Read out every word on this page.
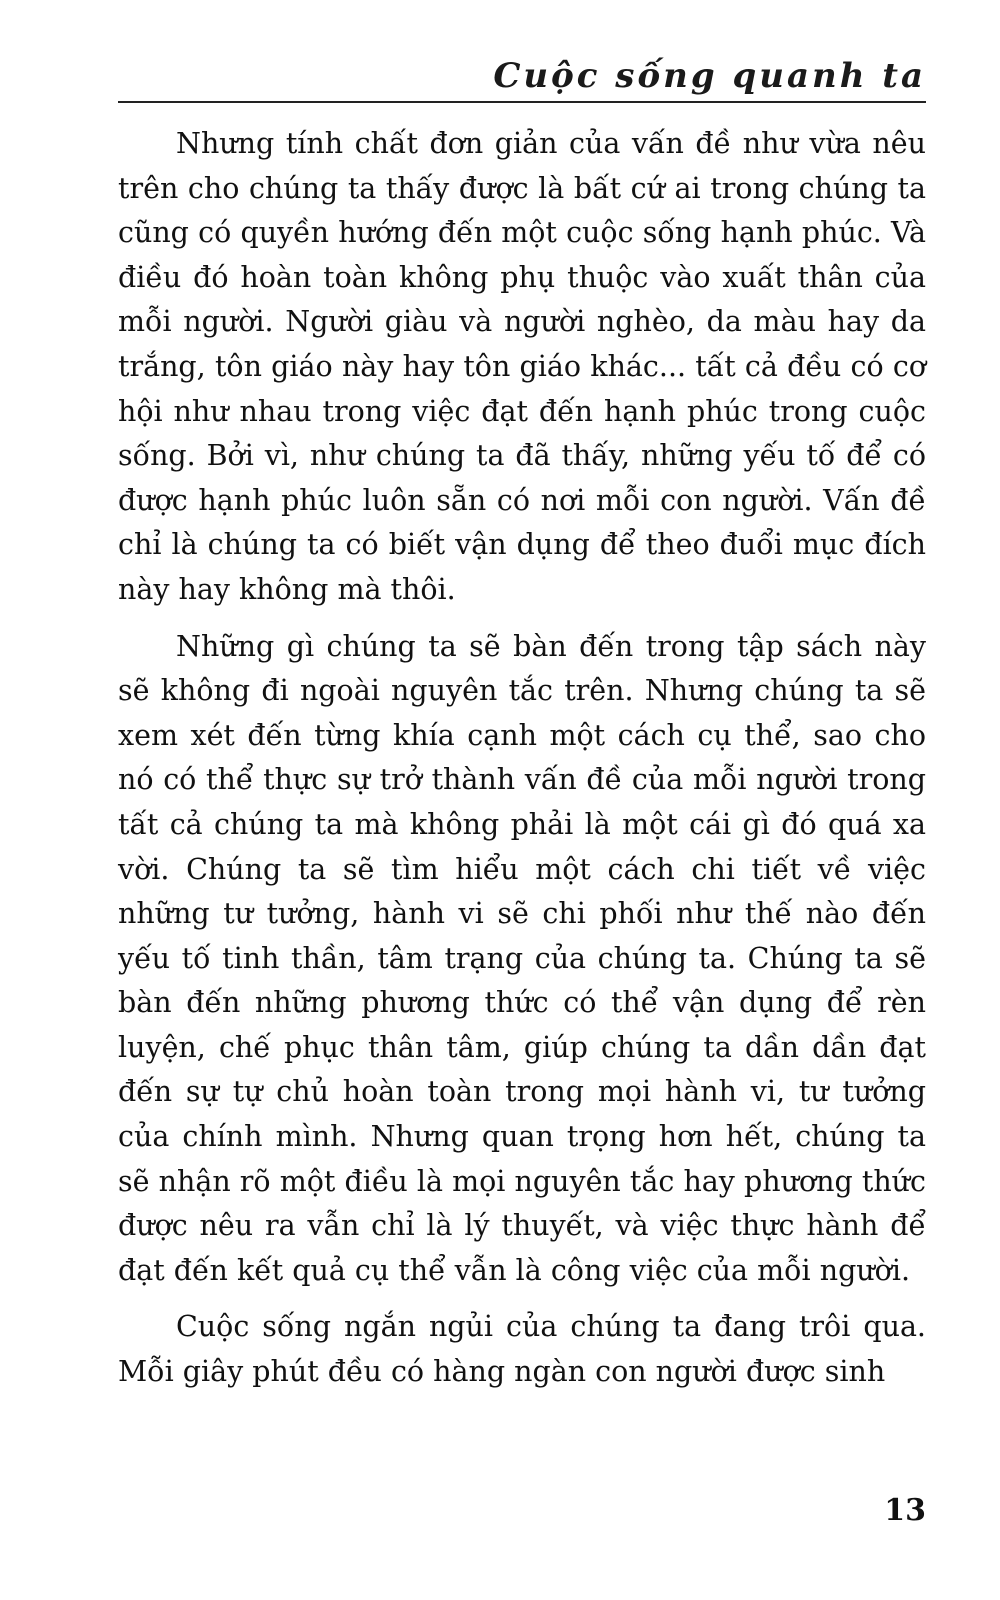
Cuộc sống quanh ta

Nhưng tính chất đơn giản của vấn đề như vừa nêu trên cho chúng ta thấy được là bất cứ ai trong chúng ta cũng có quyền hướng đến một cuộc sống hạnh phúc. Và điều đó hoàn toàn không phụ thuộc vào xuất thân của mỗi người. Người giàu và người nghèo, da màu hay da trắng, tôn giáo này hay tôn giáo khác... tất cả đều có cơ hội như nhau trong việc đạt đến hạnh phúc trong cuộc sống. Bởi vì, như chúng ta đã thấy, những yếu tố để có được hạnh phúc luôn sẵn có nơi mỗi con người. Vấn đề chỉ là chúng ta có biết vận dụng để theo đuổi mục đích này hay không mà thôi.

Những gì chúng ta sẽ bàn đến trong tập sách này sẽ không đi ngoài nguyên tắc trên. Nhưng chúng ta sẽ xem xét đến từng khía cạnh một cách cụ thể, sao cho nó có thể thực sự trở thành vấn đề của mỗi người trong tất cả chúng ta mà không phải là một cái gì đó quá xa vời. Chúng ta sẽ tìm hiểu một cách chi tiết về việc những tư tưởng, hành vi sẽ chi phối như thế nào đến yếu tố tinh thần, tâm trạng của chúng ta. Chúng ta sẽ bàn đến những phương thức có thể vận dụng để rèn luyện, chế phục thân tâm, giúp chúng ta dần dần đạt đến sự tự chủ hoàn toàn trong mọi hành vi, tư tưởng của chính mình. Nhưng quan trọng hơn hết, chúng ta sẽ nhận rõ một điều là mọi nguyên tắc hay phương thức được nêu ra vẫn chỉ là lý thuyết, và việc thực hành để đạt đến kết quả cụ thể vẫn là công việc của mỗi người.

Cuộc sống ngắn ngủi của chúng ta đang trôi qua. Mỗi giây phút đều có hàng ngàn con người được sinh

13
